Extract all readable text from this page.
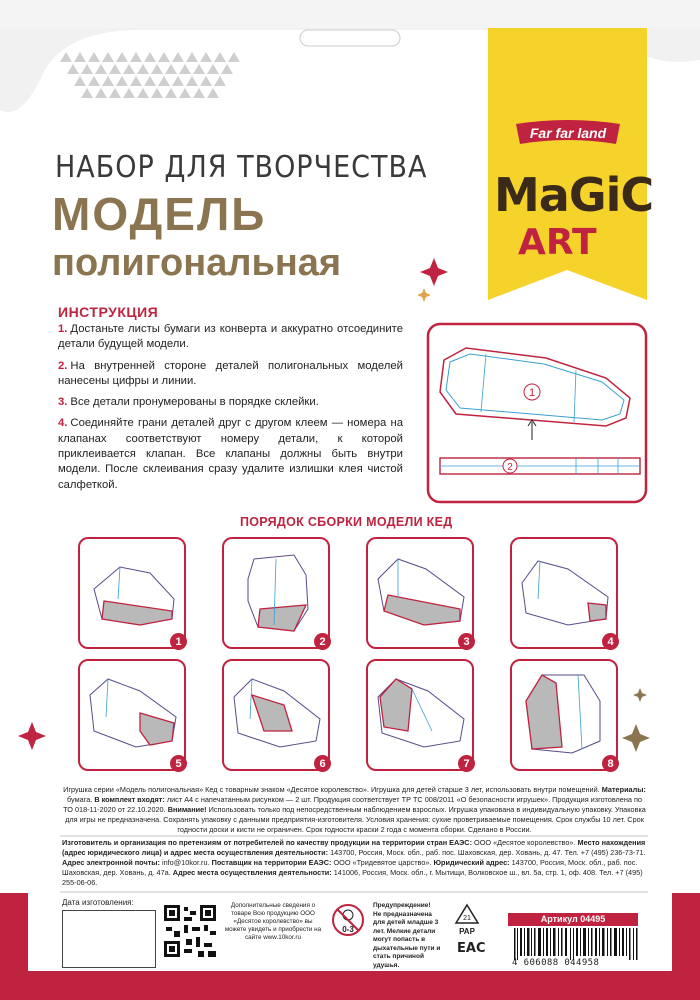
Far far land
MaGiC
ART
НАБОР ДЛЯ ТВОРЧЕСТВА
МОДЕЛЬ
полигональная
ИНСТРУКЦИЯ
1. Достаньте листы бумаги из конверта и аккуратно отсоедините детали будущей модели.
2. На внутренней стороне деталей полигональных моделей нанесены цифры и линии.
3. Все детали пронумерованы в порядке склейки.
4. Соединяйте грани деталей друг с другом клеем — номера на клапанах соответствуют номеру детали, к которой приклеивается клапан. Все клапаны должны быть внутри модели. После склеивания сразу удалите излишки клея чистой салфеткой.
1
2
ПОРЯДОК СБОРКИ МОДЕЛИ КЕД
1	2	3	4
5	6	7	8
Игрушка серии «Модель полигональная» Кед с товарным знаком «Десятое королевство». Игрушка для детей старше 3 лет, использовать внутри помещений. Материалы: бумага. В комплект входят: лист А4 с напечатанным рисунком — 2 шт. Продукция соответствует ТР ТС 008/2011 «О безопасности игрушек». Продукция изготовлена по ТО 018-11-2020 от 22.10.2020. Внимание! Использовать только под непосредственным наблюдением взрослых. Игрушка упакована в индивидуальную упаковку. Упаковка для игры не предназначена. Сохранять упаковку с данными предприятия-изготовителя. Условия хранения: сухие проветриваемые помещения. Срок службы 10 лет. Срок годности доски и кисти не ограничен. Срок годности краски 2 года с момента сборки. Сделано в России.
Изготовитель и организация по претензиям от потребителей по качеству продукции на территории стран ЕАЭС: ООО «Десятое королевство». Место нахождения (адрес юридического лица) и адрес места осуществления деятельности: 143700, Россия, Моск. обл., раб. пос. Шаховская, дер. Ховань, д. 47. Тел. +7 (495) 236-73-71. Адрес электронной почты: info@10kor.ru. Поставщик на территории ЕАЭС: ООО «Тридевятое царство». Юридический адрес: 143700, Россия, Моск. обл., раб. пос. Шаховская, дер. Ховань, д. 47а. Адрес места осуществления деятельности: 141006, Россия, Моск. обл., г. Мытищи, Волковское ш., вл. 5а, стр. 1, оф. 408. Тел. +7 (495) 255-06-06.
Дата изготовления:	Дополнительные сведения о товаре Всю продукцию ООО «Десятое королевство» вы можете увидеть и приобрести на сайте www.10kor.ru
0-3
Предупреждение!
Не предназначена для детей младше 3 лет. Мелкие детали могут попасть в дыхательные пути и стать причиной удушья.
21
PAP
EAC
Артикул 04495
4 606088 044958
